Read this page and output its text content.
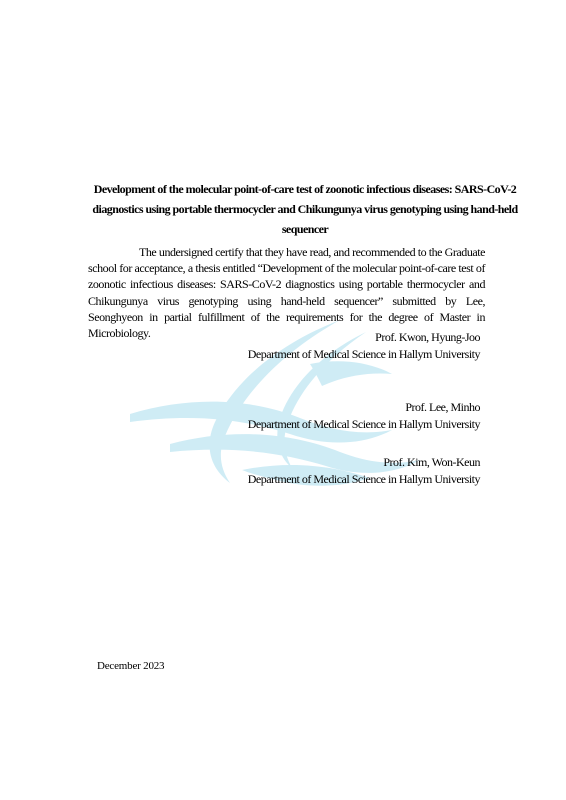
Development of the molecular point-of-care test of zoonotic infectious diseases: SARS-CoV-2 diagnostics using portable thermocycler and Chikungunya virus genotyping using hand-held sequencer
The undersigned certify that they have read, and recommended to the Graduate school for acceptance, a thesis entitled “Development of the molecular point-of-care test of zoonotic infectious diseases: SARS-CoV-2 diagnostics using portable thermocycler and Chikungunya virus genotyping using hand-held sequencer” submitted by Lee, Seonghyeon in partial fulfillment of the requirements for the degree of Master in Microbiology.	Prof. Kwon, Hyung-Joo
Department of Medical Science in Hallym University
Prof. Lee, Minho
Department of Medical Science in Hallym University
Prof. Kim, Won-Keun
Department of Medical Science in Hallym University
December 2023
